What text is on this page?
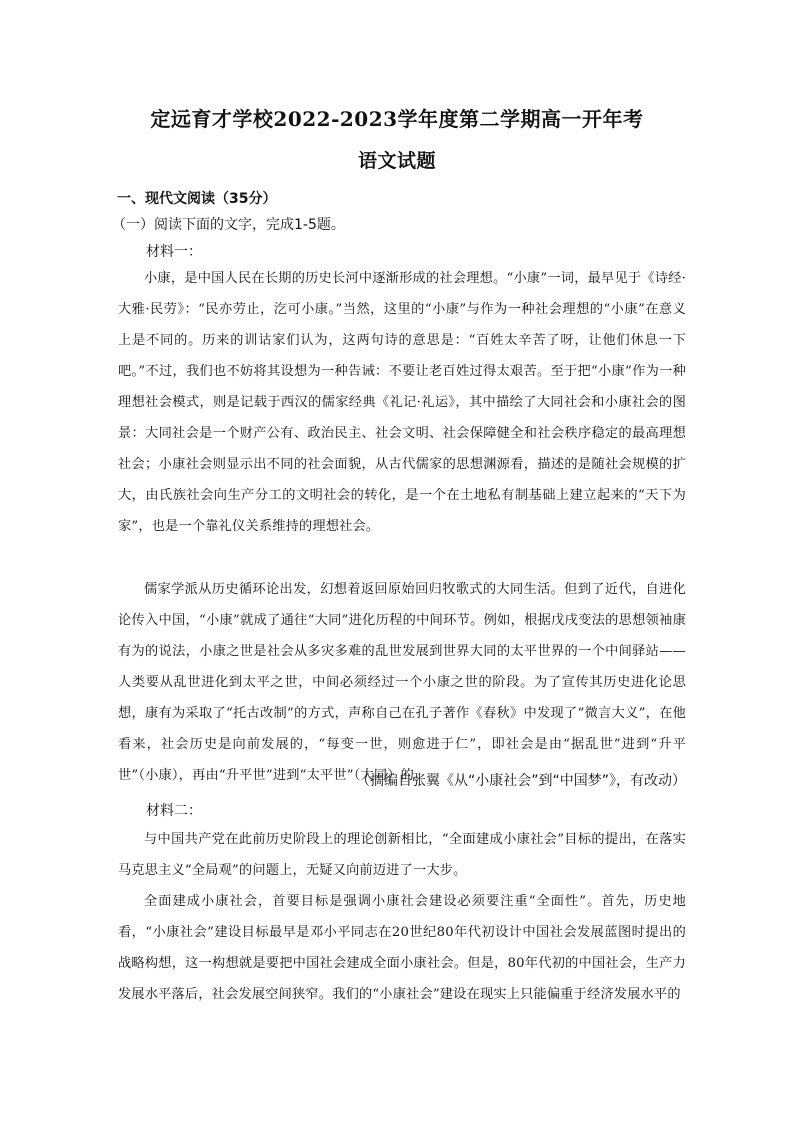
定远育才学校2022-2023学年度第二学期高一开年考
语文试题
一、现代文阅读（35分）
（一）阅读下面的文字，完成1-5题。
材料一：

小康，是中国人民在长期的历史长河中逐渐形成的社会理想。“小康”一词，最早见于《诗经·大雅·民劳》：“民亦劳止，汔可小康。”当然，这里的“小康”与作为一种社会理想的“小康”在意义上是不同的。历来的训诂家们认为，这两句诗的意思是：“百姓太辛苦了呀，让他们休息一下吧。”不过，我们也不妨将其设想为一种告诫：不要让老百姓过得太艰苦。至于把“小康”作为一种理想社会模式，则是记载于西汉的儒家经典《礼记·礼运》，其中描绘了大同社会和小康社会的图景：大同社会是一个财产公有、政治民主、社会文明、社会保障健全和社会秩序稳定的最高理想社会；小康社会则显示出不同的社会面貌，从古代儒家的思想渊源看，描述的是随社会规模的扩大，由氏族社会向生产分工的文明社会的转化，是一个在土地私有制基础上建立起来的“天下为家”，也是一个靠礼仪关系维持的理想社会。

儒家学派从历史循环论出发，幻想着返回原始回归牧歌式的大同生活。但到了近代，自进化论传入中国，“小康”就成了通往“大同”进化历程的中间环节。例如，根据戊戌变法的思想领袖康有为的说法，小康之世是社会从多灾多难的乱世发展到世界大同的太平世界的一个中间驿站——人类要从乱世进化到太平之世，中间必须经过一个小康之世的阶段。为了宣传其历史进化论思想，康有为采取了“托古改制”的方式，声称自己在孔子著作《春秋》中发现了“微言大义”，在他看来，社会历史是向前发展的，“每变一世，则愈进于仁”，即社会是由“据乱世”进到“升平世”（小康），再由“升平世”进到“太平世”（大同）的。

（摘编自张翼《从“小康社会”到“中国梦”》，有改动）
材料二：

与中国共产党在此前历史阶段上的理论创新相比，“全面建成小康社会”目标的提出，在落实马克思主义“全局观”的问题上，无疑又向前迈进了一大步。

全面建成小康社会，首要目标是强调小康社会建设必须要注重“全面性”。首先，历史地看，“小康社会”建设目标最早是邓小平同志在20世纪80年代初设计中国社会发展蓝图时提出的战略构想，这一构想就是要把中国社会建成全面小康社会。但是，80年代初的中国社会，生产力发展水平落后，社会发展空间狭窄。我们的“小康社会”建设在现实上只能偏重于经济发展水平的
